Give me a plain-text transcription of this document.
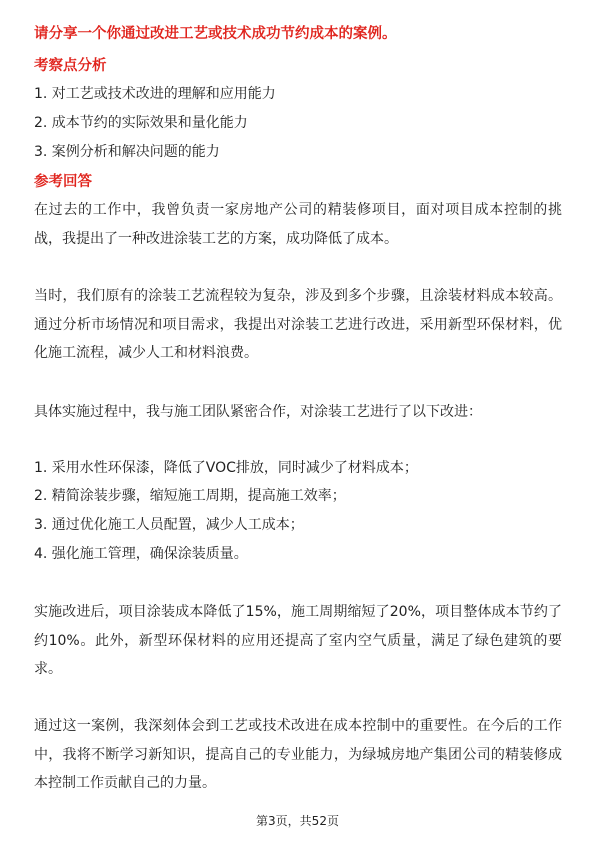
请分享一个你通过改进工艺或技术成功节约成本的案例。
考察点分析
1. 对工艺或技术改进的理解和应用能力
2. 成本节约的实际效果和量化能力
3. 案例分析和解决问题的能力
参考回答
在过去的工作中，我曾负责一家房地产公司的精装修项目，面对项目成本控制的挑战，我提出了一种改进涂装工艺的方案，成功降低了成本。
当时，我们原有的涂装工艺流程较为复杂，涉及到多个步骤，且涂装材料成本较高。通过分析市场情况和项目需求，我提出对涂装工艺进行改进，采用新型环保材料，优化施工流程，减少人工和材料浪费。
具体实施过程中，我与施工团队紧密合作，对涂装工艺进行了以下改进：
1. 采用水性环保漆，降低了VOC排放，同时减少了材料成本；
2. 精简涂装步骤，缩短施工周期，提高施工效率；
3. 通过优化施工人员配置，减少人工成本；
4. 强化施工管理，确保涂装质量。
实施改进后，项目涂装成本降低了15%，施工周期缩短了20%，项目整体成本节约了约10%。此外，新型环保材料的应用还提高了室内空气质量，满足了绿色建筑的要求。
通过这一案例，我深刻体会到工艺或技术改进在成本控制中的重要性。在今后的工作中，我将不断学习新知识，提高自己的专业能力，为绿城房地产集团公司的精装修成本控制工作贡献自己的力量。
第3页，共52页
